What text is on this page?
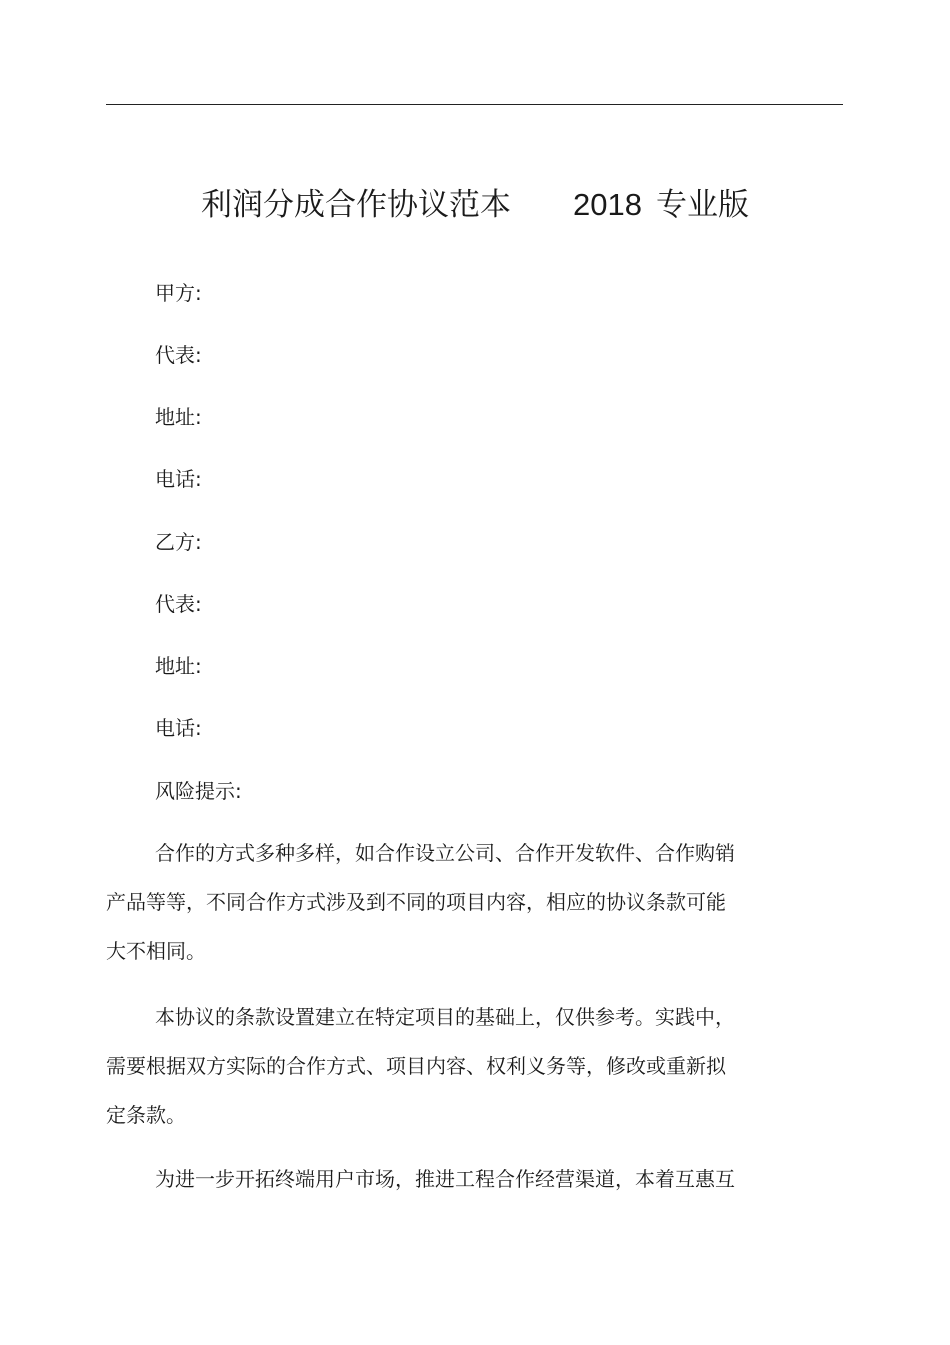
利润分成合作协议范本 2018 专业版
甲方:
代表:
地址:
电话:
乙方:
代表:
地址:
电话:
风险提示:
合作的方式多种多样，如合作设立公司、合作开发软件、合作购销
产品等等，不同合作方式涉及到不同的项目内容，相应的协议条款可能
大不相同。
本协议的条款设置建立在特定项目的基础上，仅供参考。实践中，
需要根据双方实际的合作方式、项目内容、权利义务等，修改或重新拟
定条款。
为进一步开拓终端用户市场，推进工程合作经营渠道，本着互惠互
